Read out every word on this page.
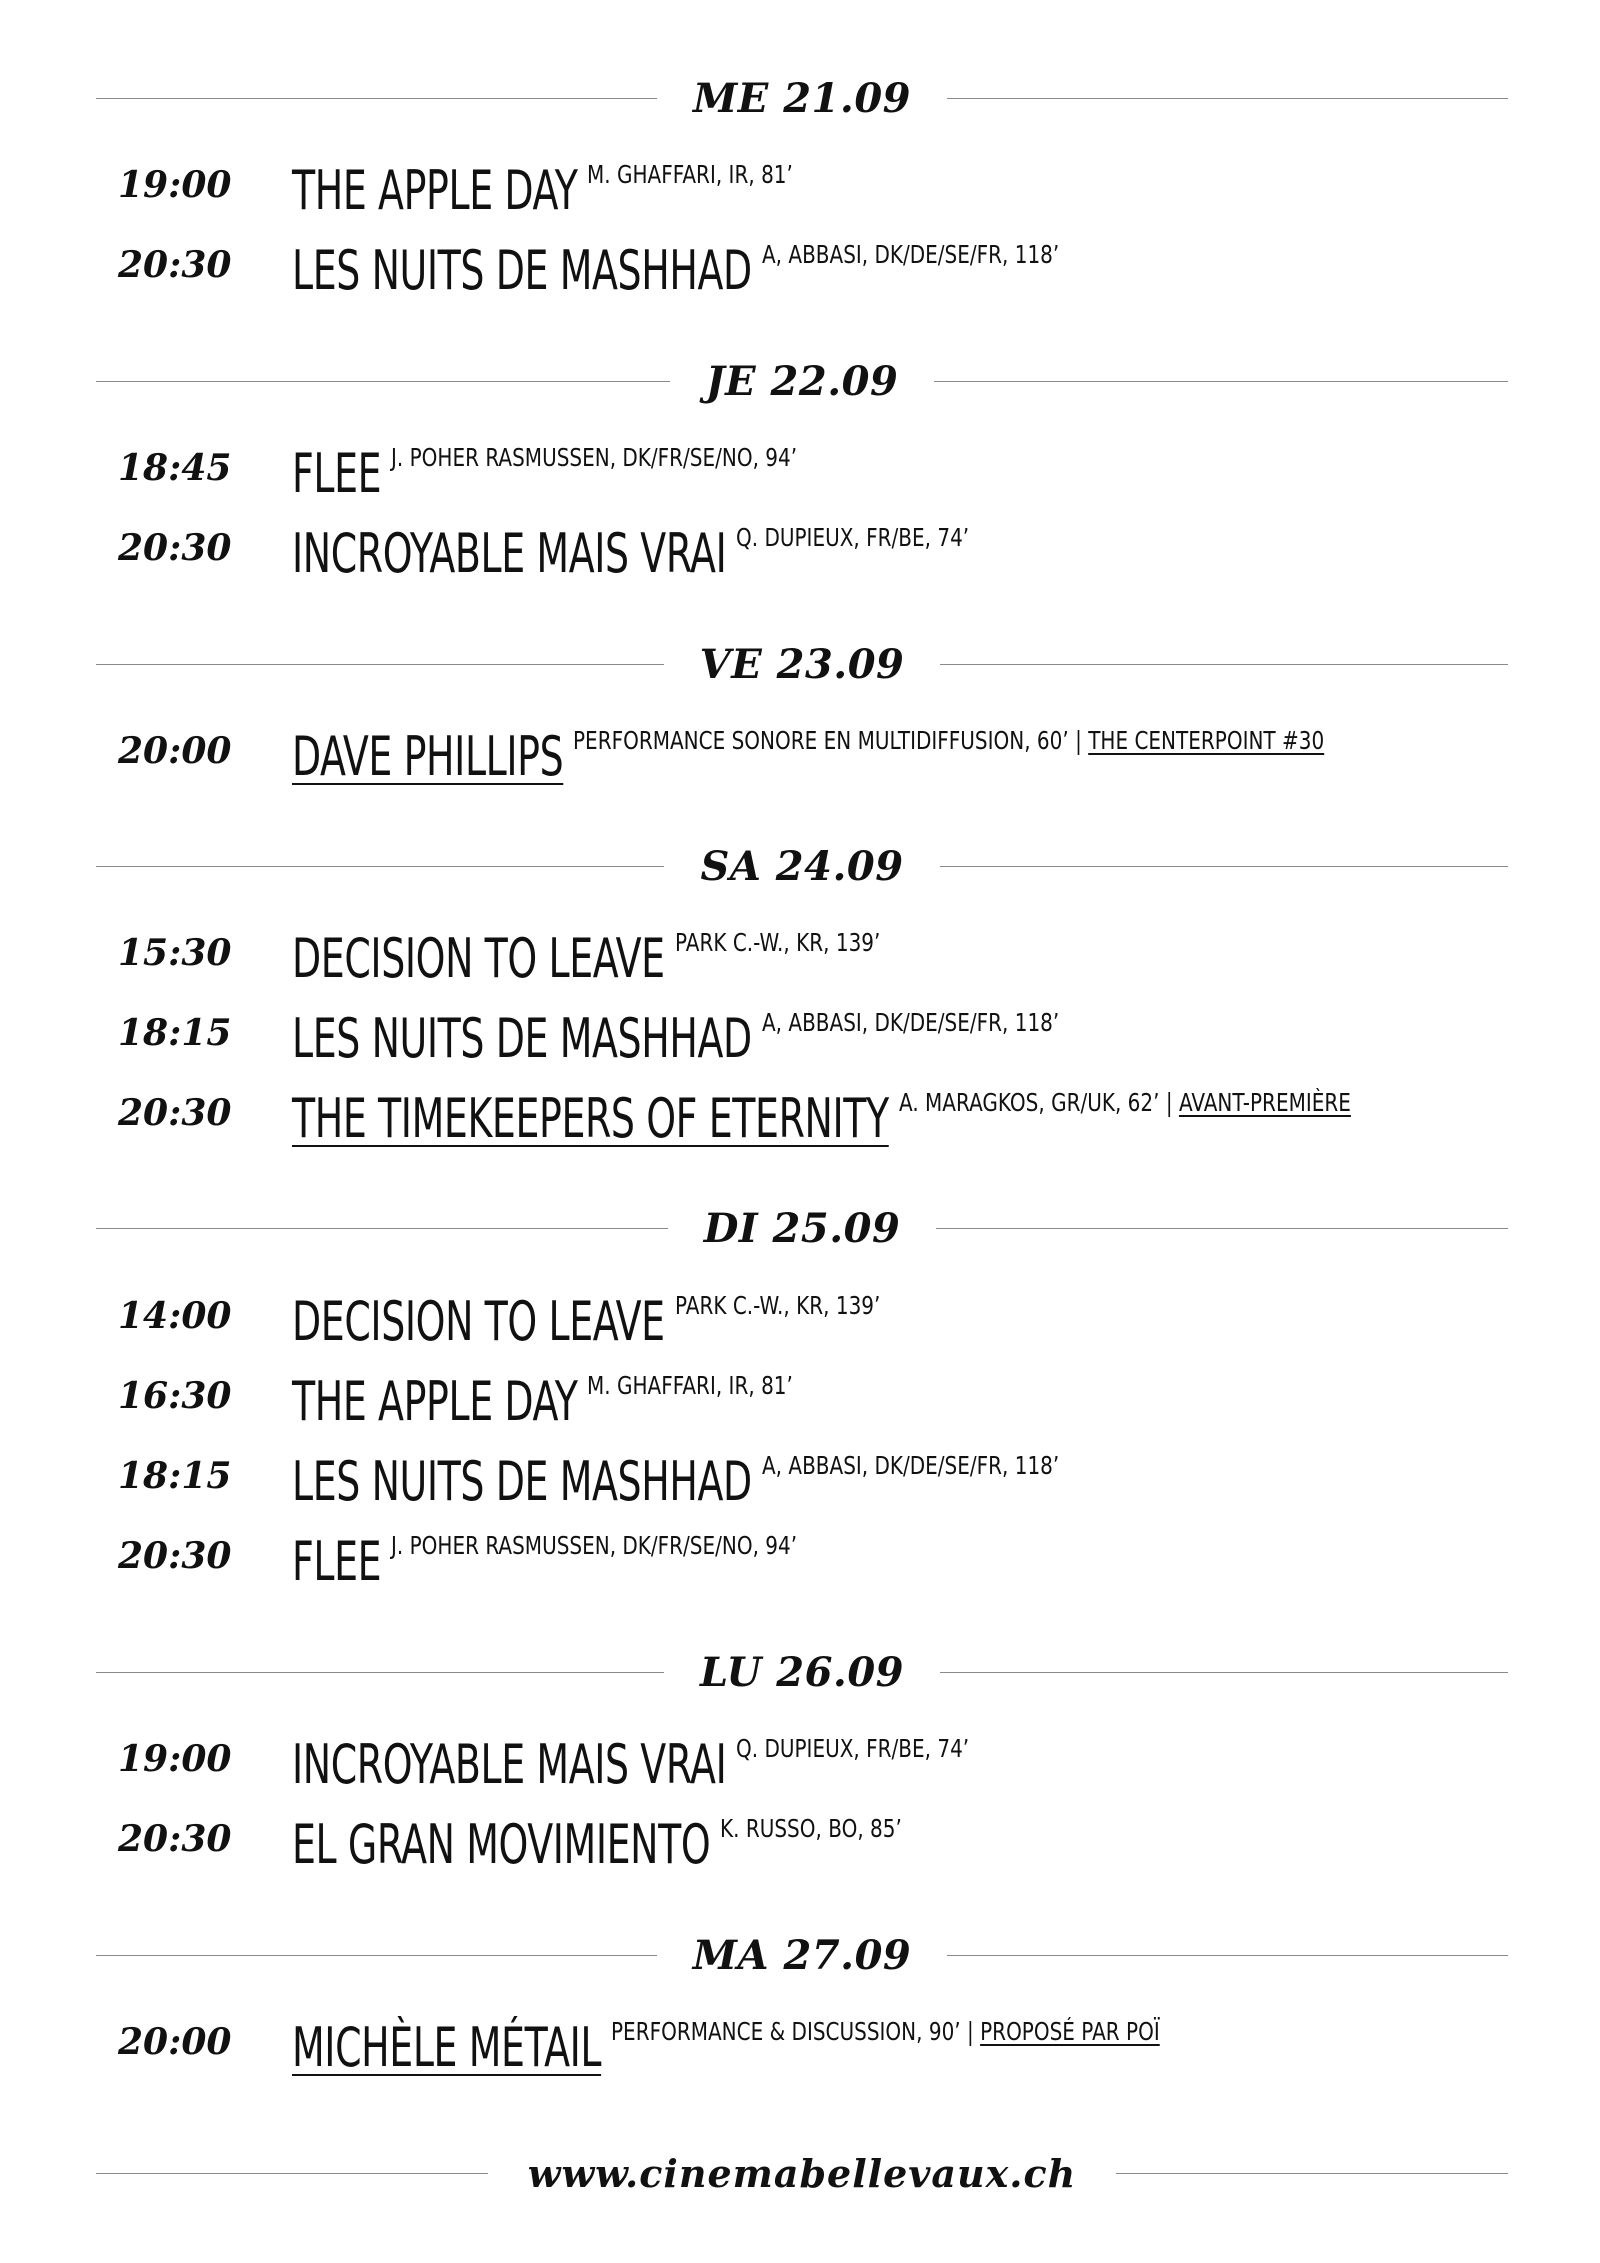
ME 21.09
19:00 THE APPLE DAY M. GHAFFARI, IR, 81’
20:30 LES NUITS DE MASHHAD A, ABBASI, DK/DE/SE/FR, 118’
JE 22.09
18:45 FLEE J. POHER RASMUSSEN, DK/FR/SE/NO, 94’
20:30 INCROYABLE MAIS VRAI Q. DUPIEUX, FR/BE, 74’
VE 23.09
20:00 DAVE PHILLIPS PERFORMANCE SONORE EN MULTIDIFFUSION, 60’ | THE CENTERPOINT #30
SA 24.09
15:30 DECISION TO LEAVE PARK C.-W., KR, 139’
18:15 LES NUITS DE MASHHAD A, ABBASI, DK/DE/SE/FR, 118’
20:30 THE TIMEKEEPERS OF ETERNITY A. MARAGKOS, GR/UK, 62’ | AVANT-PREMIÈRE
DI 25.09
14:00 DECISION TO LEAVE PARK C.-W., KR, 139’
16:30 THE APPLE DAY M. GHAFFARI, IR, 81’
18:15 LES NUITS DE MASHHAD A, ABBASI, DK/DE/SE/FR, 118’
20:30 FLEE J. POHER RASMUSSEN, DK/FR/SE/NO, 94’
LU 26.09
19:00 INCROYABLE MAIS VRAI Q. DUPIEUX, FR/BE, 74’
20:30 EL GRAN MOVIMIENTO K. RUSSO, BO, 85’
MA 27.09
20:00 MICHÈLE MÉTAIL PERFORMANCE & DISCUSSION, 90’ | PROPOSÉ PAR POÏ
www.cinemabellevaux.ch
